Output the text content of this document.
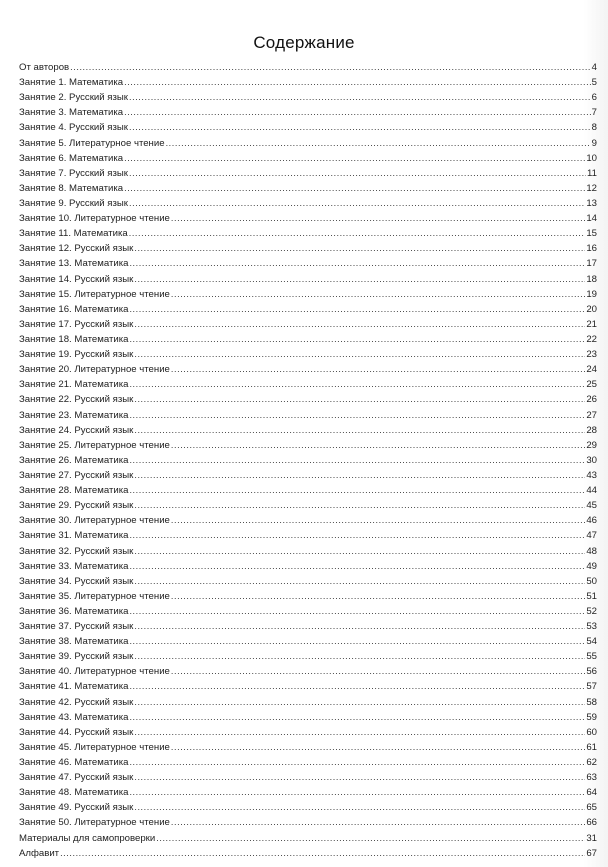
Содержание
От авторов .....	4
Занятие 1. Математика .....	5
Занятие 2. Русский язык .....	6
Занятие 3. Математика .....	7
Занятие 4. Русский язык .....	8
Занятие 5. Литературное чтение .....	9
Занятие 6. Математика .....	10
Занятие 7. Русский язык .....	11
Занятие 8. Математика .....	12
Занятие 9. Русский язык .....	13
Занятие 10. Литературное чтение .....	14
Занятие 11. Математика .....	15
Занятие 12. Русский язык .....	16
Занятие 13. Математика .....	17
Занятие 14. Русский язык .....	18
Занятие 15. Литературное чтение .....	19
Занятие 16. Математика .....	20
Занятие 17. Русский язык .....	21
Занятие 18. Математика .....	22
Занятие 19. Русский язык .....	23
Занятие 20. Литературное чтение .....	24
Занятие 21. Математика .....	25
Занятие 22. Русский язык .....	26
Занятие 23. Математика .....	27
Занятие 24. Русский язык .....	28
Занятие 25. Литературное чтение .....	29
Занятие 26. Математика .....	30
Занятие 27. Русский язык .....	43
Занятие 28. Математика .....	44
Занятие 29. Русский язык .....	45
Занятие 30. Литературное чтение .....	46
Занятие 31. Математика .....	47
Занятие 32. Русский язык .....	48
Занятие 33. Математика .....	49
Занятие 34. Русский язык .....	50
Занятие 35. Литературное чтение .....	51
Занятие 36. Математика .....	52
Занятие 37. Русский язык .....	53
Занятие 38. Математика .....	54
Занятие 39. Русский язык .....	55
Занятие 40. Литературное чтение .....	56
Занятие 41. Математика .....	57
Занятие 42. Русский язык .....	58
Занятие 43. Математика .....	59
Занятие 44. Русский язык .....	60
Занятие 45. Литературное чтение .....	61
Занятие 46. Математика .....	62
Занятие 47. Русский язык .....	63
Занятие 48. Математика .....	64
Занятие 49. Русский язык .....	65
Занятие 50. Литературное чтение .....	66
Материалы для самопроверки .....	31
Алфавит .....	67
